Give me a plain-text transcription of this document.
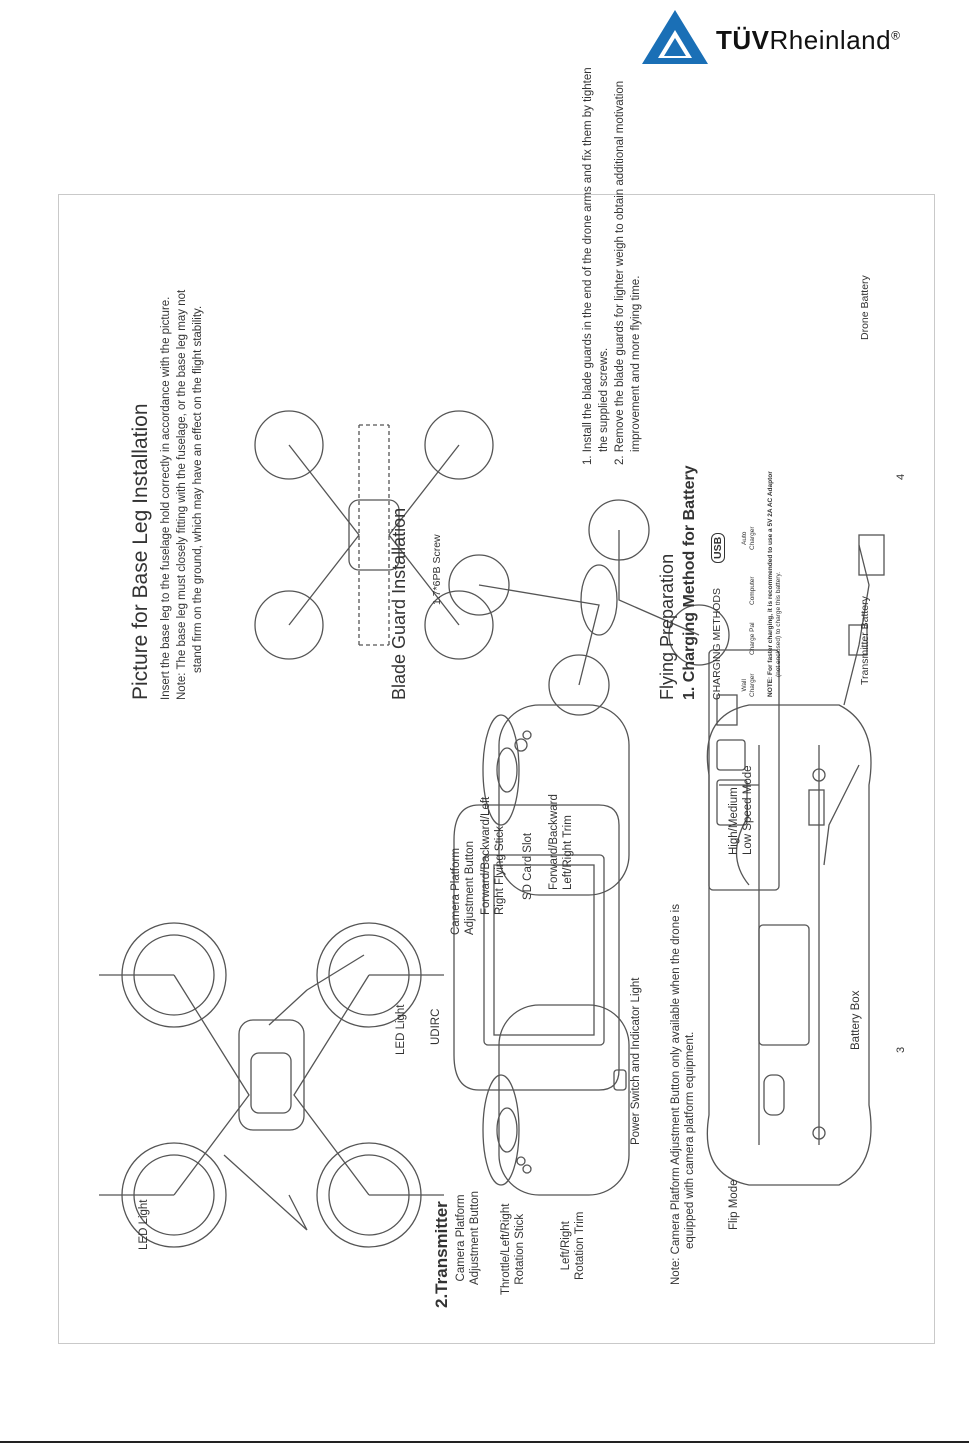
TÜVRheinland®
2.Transmitter
LED Light
LED Light
Camera Platform Adjustment Button Throttle/Left/Right Rotation Stick	Left/Right Rotation Trim
Power Switch and Indicator Light
UDIRC
Camera Platform Adjustment Button Forward/Backward/Left Right Flying Stick SD Card Slot Forward/Backward Left/Right Trim
Note: Camera Platform Adjustment Button only available when the drone is equipped with camera platform equipment.	Flip Mode
Battery Box
High/Medium Low Speed Mode
3
Picture for Base Leg Installation Insert the base leg to the fuselage hold correctly in accordance with the picture. Note: The base leg must closely fitting with the fuselage, or the base leg may not stand firm on the ground, which may have an effect on the flight stability.	Blade Guard Installation 1.7*6PB Screw
1. Install the blade guards in the end of the drone arms and fix them by tighten the supplied screws. 2. Remove the blade guards for lighter weigh to obtain additional motivation improvement and more flying time.
Flying Preparation 1. Charging Method for Battery CHARGING METHODS
USB
Wall Charger
Charge Pal
Computer
Auto Charger NOTE: For faster charging, it is recommended to use a 5V 2A AC Adaptor (not enclosed) to charge this battery.	Transmitter Battery
Drone Battery
4
